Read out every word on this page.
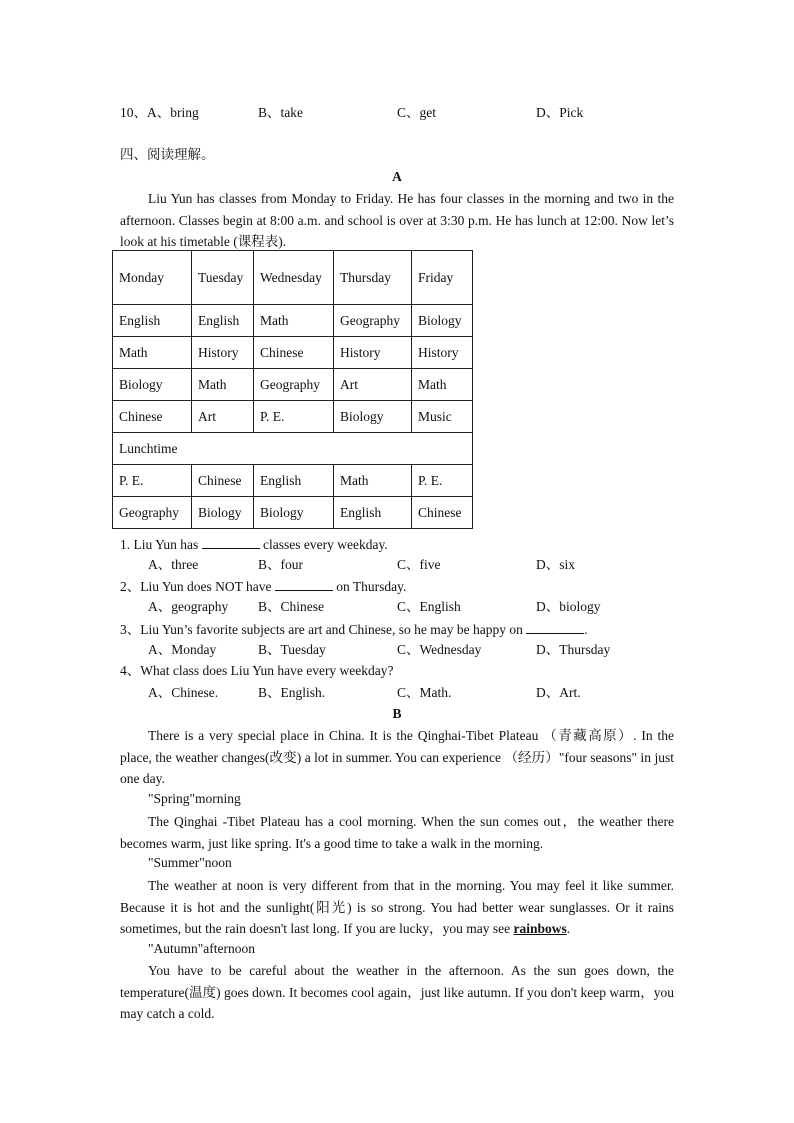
10、A、bring	B、take	C、get	D、Pick
四、阅读理解。
A
Liu Yun has classes from Monday to Friday. He has four classes in the morning and two in the afternoon. Classes begin at 8:00 a.m. and school is over at 3:30 p.m. He has lunch at 12:00. Now let’s look at his timetable (课程表).
Monday	Tuesday	Wednesday	Thursday	Friday
English	English	Math	Geography	Biology
Math	History	Chinese	History	History
Biology	Math	Geography	Art	Math
Chinese	Art	P. E.	Biology	Music
Lunchtime				
P. E.	Chinese	English	Math	P. E.
Geography	Biology	Biology	English	Chinese
1. Liu Yun has	classes every weekday.
A、three	B、four	C、five	D、six
2、Liu Yun does NOT have	on Thursday.
A、geography B、Chinese	C、English	D、biology
3、Liu Yun’s favorite subjects are art and Chinese, so he may be happy on	.
A、Monday	B、Tuesday	C、Wednesday	D、Thursday
4、What class does Liu Yun have every weekday?
A、Chinese.	B、English.	C、Math.	D、Art.
B
There is a very special place in China. It is the Qinghai-Tibet Plateau （青藏高原）. In the place, the weather changes(改变) a lot in summer. You can experience （经历）"four seasons" in just one day.
"Spring"morning
The Qinghai -Tibet Plateau has a cool morning. When the sun comes out，the weather there becomes warm, just like spring. It's a good time to take a walk in the morning.
"Summer"noon
The weather at noon is very different from that in the morning. You may feel it like summer. Because it is hot and the sunlight(阳光) is so strong. You had better wear sunglasses. Or it rains sometimes, but the rain doesn't last long. If you are lucky，you may see rainbows.
"Autumn"afternoon
You have to be careful about the weather in the afternoon. As the sun goes down, the temperature(温度) goes down. It becomes cool again，just like autumn. If you don't keep warm，you may catch a cold.
